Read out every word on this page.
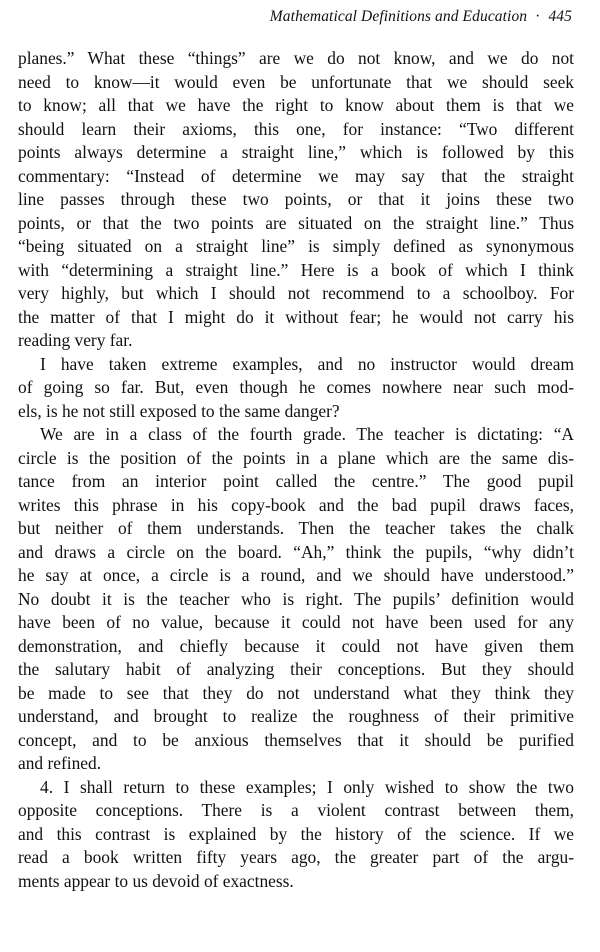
Mathematical Definitions and Education · 445
planes.” What these “things” are we do not know, and we do not
need to know—it would even be unfortunate that we should seek
to know; all that we have the right to know about them is that we
should learn their axioms, this one, for instance: “Two different
points always determine a straight line,” which is followed by this
commentary: “Instead of determine we may say that the straight
line passes through these two points, or that it joins these two
points, or that the two points are situated on the straight line.” Thus
“being situated on a straight line” is simply defined as synonymous
with “determining a straight line.” Here is a book of which I think
very highly, but which I should not recommend to a schoolboy. For
the matter of that I might do it without fear; he would not carry his
reading very far.
I have taken extreme examples, and no instructor would dream
of going so far. But, even though he comes nowhere near such mod-
els, is he not still exposed to the same danger?
We are in a class of the fourth grade. The teacher is dictating: “A
circle is the position of the points in a plane which are the same dis-
tance from an interior point called the centre.” The good pupil
writes this phrase in his copy-book and the bad pupil draws faces,
but neither of them understands. Then the teacher takes the chalk
and draws a circle on the board. “Ah,” think the pupils, “why didn’t
he say at once, a circle is a round, and we should have understood.”
No doubt it is the teacher who is right. The pupils’ definition would
have been of no value, because it could not have been used for any
demonstration, and chiefly because it could not have given them
the salutary habit of analyzing their conceptions. But they should
be made to see that they do not understand what they think they
understand, and brought to realize the roughness of their primitive
concept, and to be anxious themselves that it should be purified
and refined.
4. I shall return to these examples; I only wished to show the two
opposite conceptions. There is a violent contrast between them,
and this contrast is explained by the history of the science. If we
read a book written fifty years ago, the greater part of the argu-
ments appear to us devoid of exactness.
